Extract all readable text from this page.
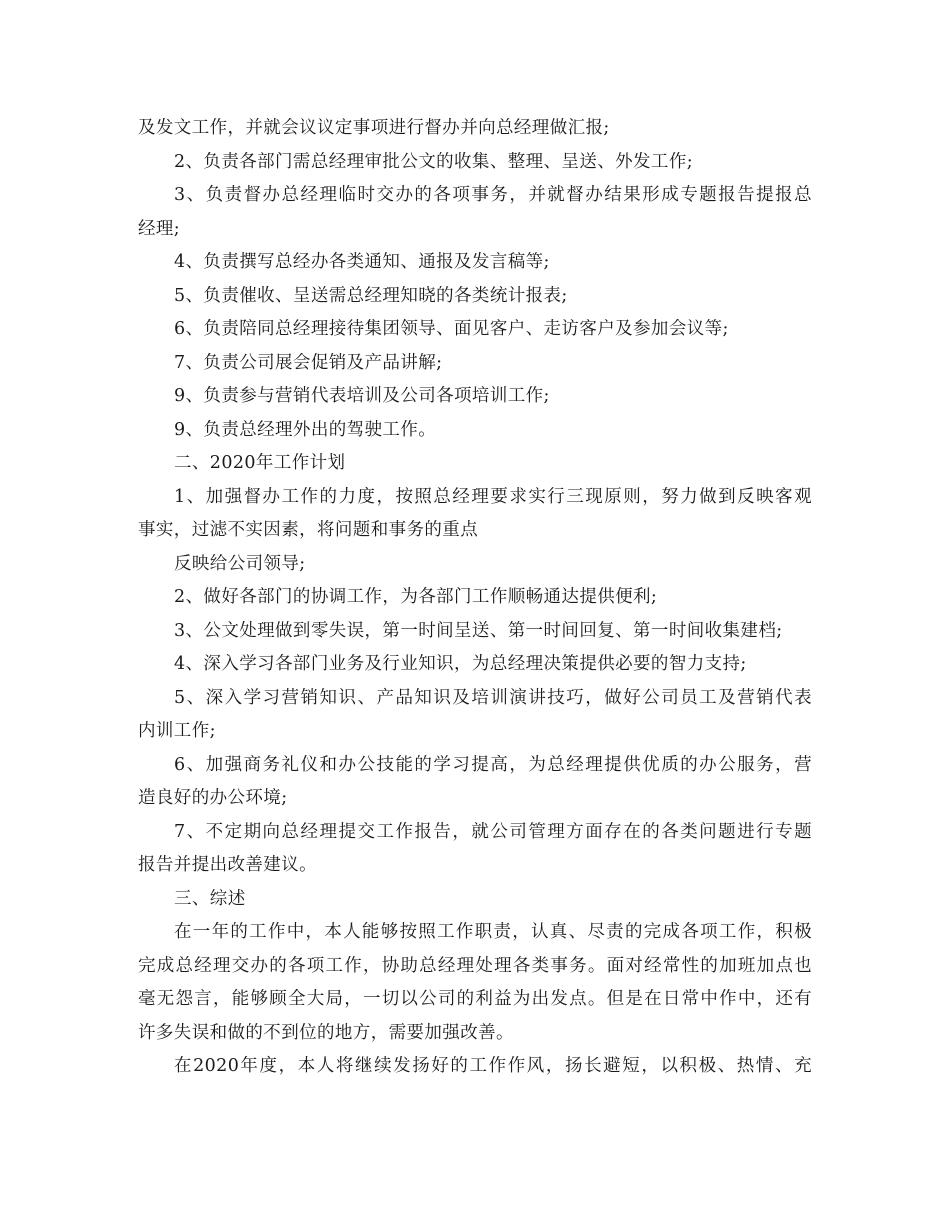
及发文工作，并就会议议定事项进行督办并向总经理做汇报;

2、负责各部门需总经理审批公文的收集、整理、呈送、外发工作;

3、负责督办总经理临时交办的各项事务，并就督办结果形成专题报告提报总

经理;

4、负责撰写总经办各类通知、通报及发言稿等;

5、负责催收、呈送需总经理知晓的各类统计报表;

6、负责陪同总经理接待集团领导、面见客户、走访客户及参加会议等;

7、负责公司展会促销及产品讲解;

9、负责参与营销代表培训及公司各项培训工作;

9、负责总经理外出的驾驶工作。

二、2020年工作计划

1、加强督办工作的力度，按照总经理要求实行三现原则，努力做到反映客观

事实，过滤不实因素，将问题和事务的重点

反映给公司领导;

2、做好各部门的协调工作，为各部门工作顺畅通达提供便利;

3、公文处理做到零失误，第一时间呈送、第一时间回复、第一时间收集建档;

4、深入学习各部门业务及行业知识，为总经理决策提供必要的智力支持;

5、深入学习营销知识、产品知识及培训演讲技巧，做好公司员工及营销代表

内训工作;

6、加强商务礼仪和办公技能的学习提高，为总经理提供优质的办公服务，营

造良好的办公环境;

7、不定期向总经理提交工作报告，就公司管理方面存在的各类问题进行专题

报告并提出改善建议。

三、综述

在一年的工作中，本人能够按照工作职责，认真、尽责的完成各项工作，积极

完成总经理交办的各项工作，协助总经理处理各类事务。面对经常性的加班加点也

毫无怨言，能够顾全大局，一切以公司的利益为出发点。但是在日常中作中，还有

许多失误和做的不到位的地方，需要加强改善。

在2020年度，本人将继续发扬好的工作作风，扬长避短，以积极、热情、充
